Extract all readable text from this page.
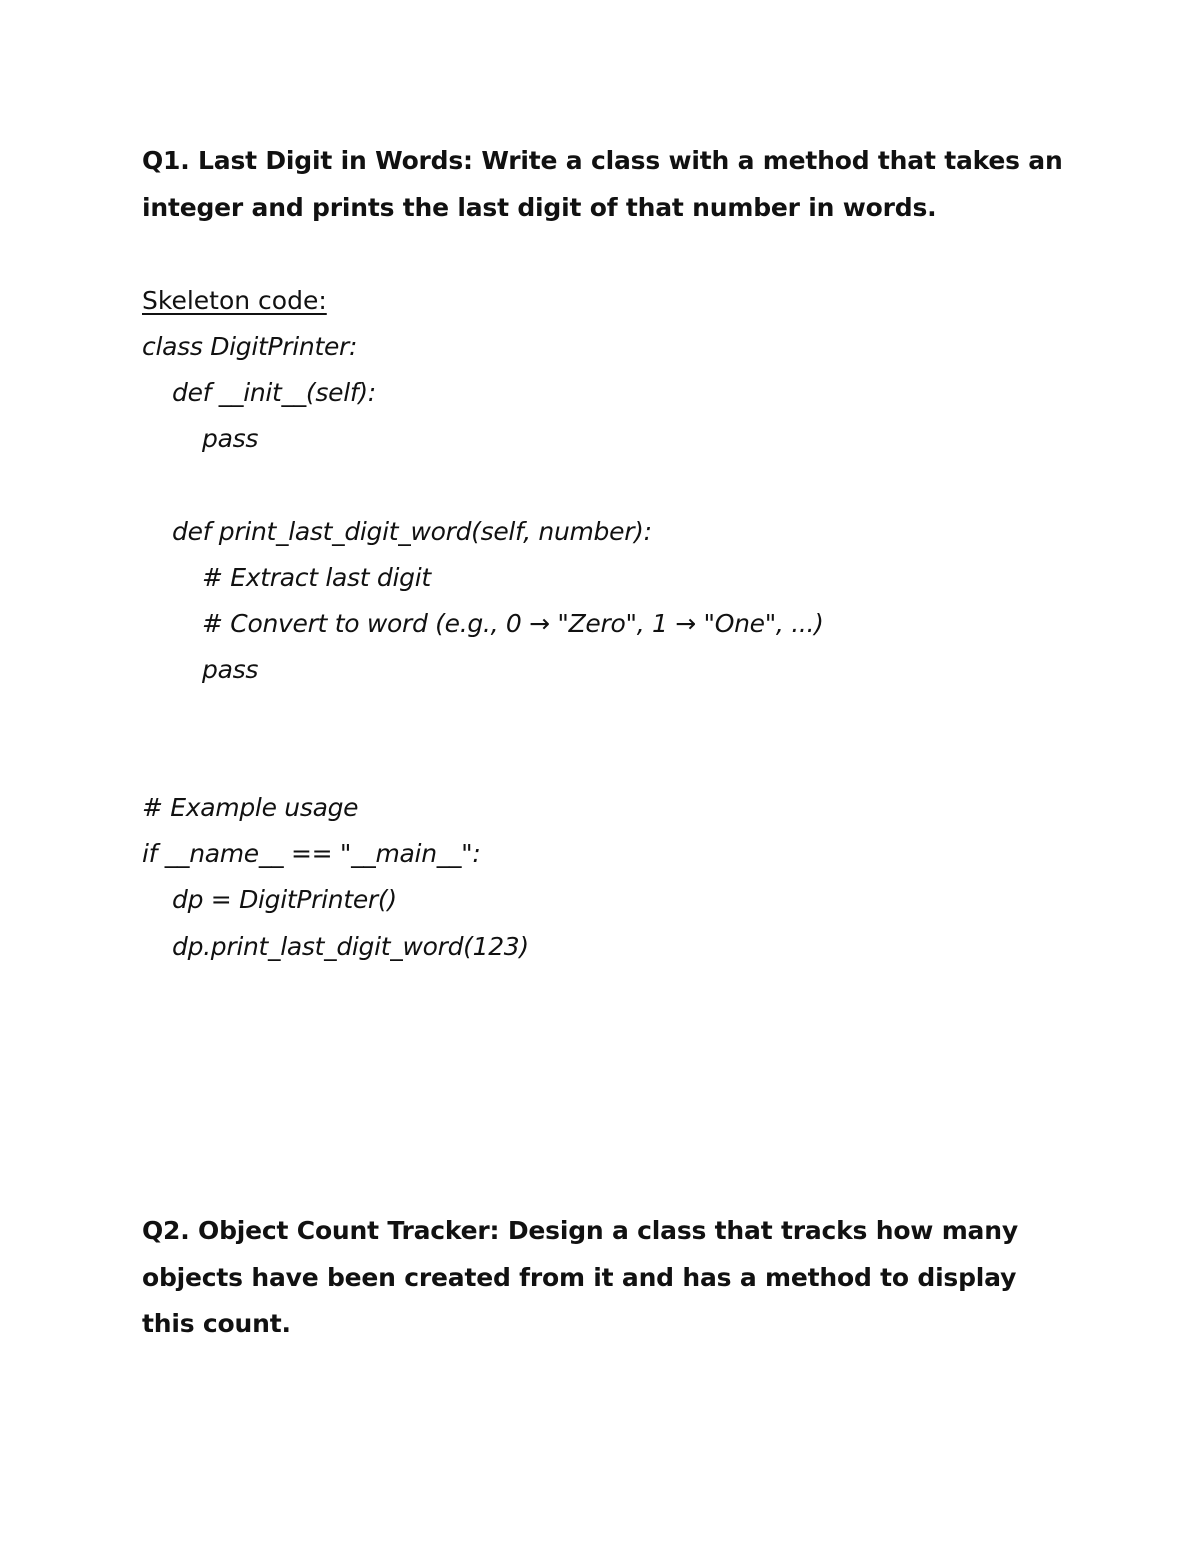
Q1. Last Digit in Words: Write a class with a method that takes an integer and prints the last digit of that number in words.
Skeleton code:
class DigitPrinter:
def __init__(self):
pass
def print_last_digit_word(self, number):
# Extract last digit
# Convert to word (e.g., 0 → "Zero", 1 → "One", ...)
pass
# Example usage
if __name__ == "__main__":
dp = DigitPrinter()
dp.print_last_digit_word(123)
Q2. Object Count Tracker: Design a class that tracks how many objects have been created from it and has a method to display this count.
